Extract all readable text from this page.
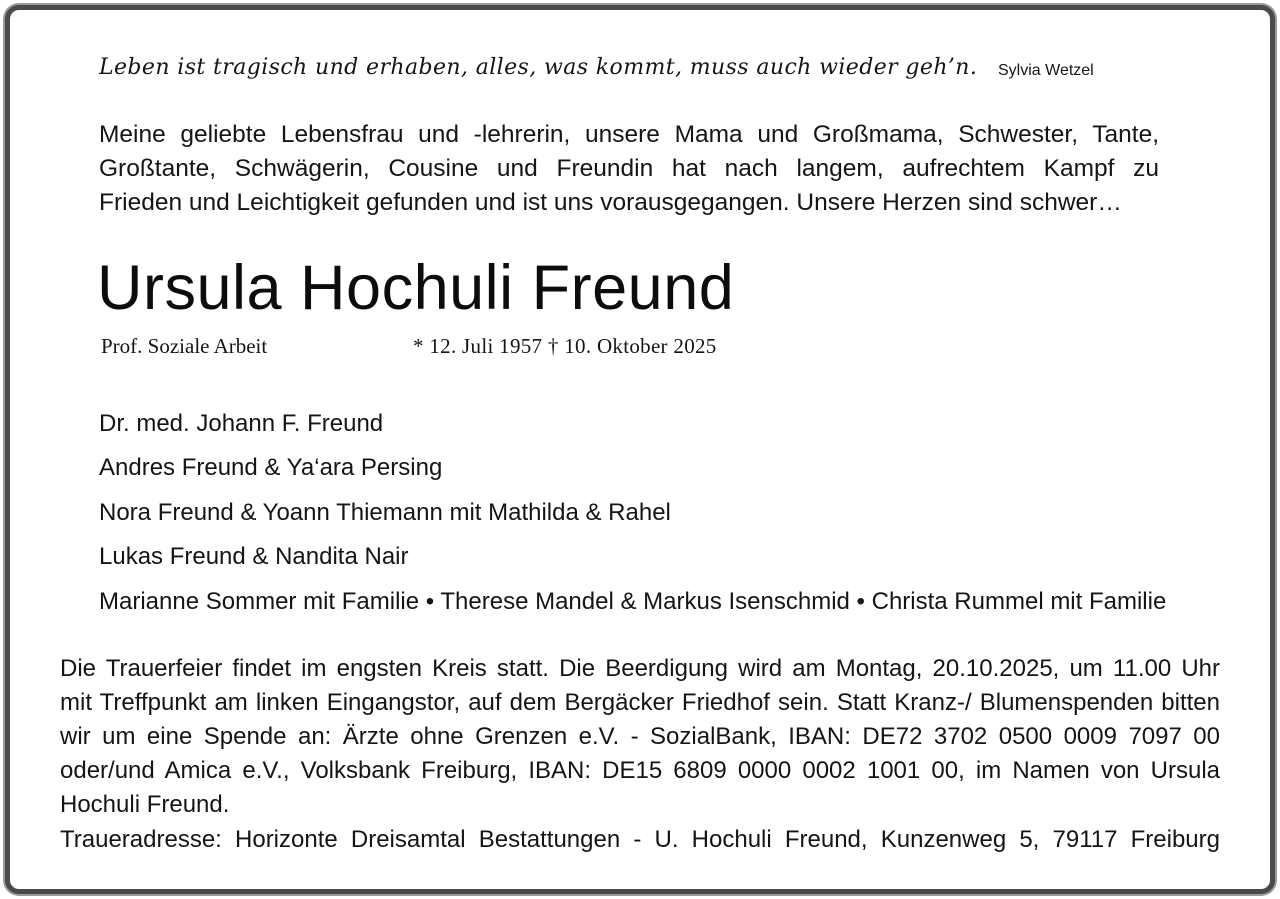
Leben ist tragisch und erhaben, alles, was kommt, muss auch wieder geh’n. Sylvia Wetzel
Meine geliebte Lebensfrau und -lehrerin, unsere Mama und Großmama, Schwester, Tante,
Großtante, Schwägerin, Cousine und Freundin hat nach langem, aufrechtem Kampf zu
Frieden und Leichtigkeit gefunden und ist uns vorausgegangen. Unsere Herzen sind schwer…
Ursula Hochuli Freund
Prof. Soziale Arbeit	* 12. Juli 1957 † 10. Oktober 2025
Dr. med. Johann F. Freund
Andres Freund & Ya‘ara Persing
Nora Freund & Yoann Thiemann mit Mathilda & Rahel
Lukas Freund & Nandita Nair
Marianne Sommer mit Familie • Therese Mandel & Markus Isenschmid • Christa Rummel mit Familie
Die Trauerfeier findet im engsten Kreis statt. Die Beerdigung wird am Montag, 20.10.2025, um 11.00 Uhr
mit Treffpunkt am linken Eingangstor, auf dem Bergäcker Friedhof sein. Statt Kranz-/ Blumenspenden bitten
wir um eine Spende an: Ärzte ohne Grenzen e.V. - SozialBank, IBAN: DE72 3702 0500 0009 7097 00
oder/und Amica e.V., Volksbank Freiburg, IBAN: DE15 6809 0000 0002 1001 00, im Namen von Ursula
Hochuli Freund.
Traueradresse: Horizonte Dreisamtal Bestattungen - U. Hochuli Freund, Kunzenweg 5, 79117 Freiburg
